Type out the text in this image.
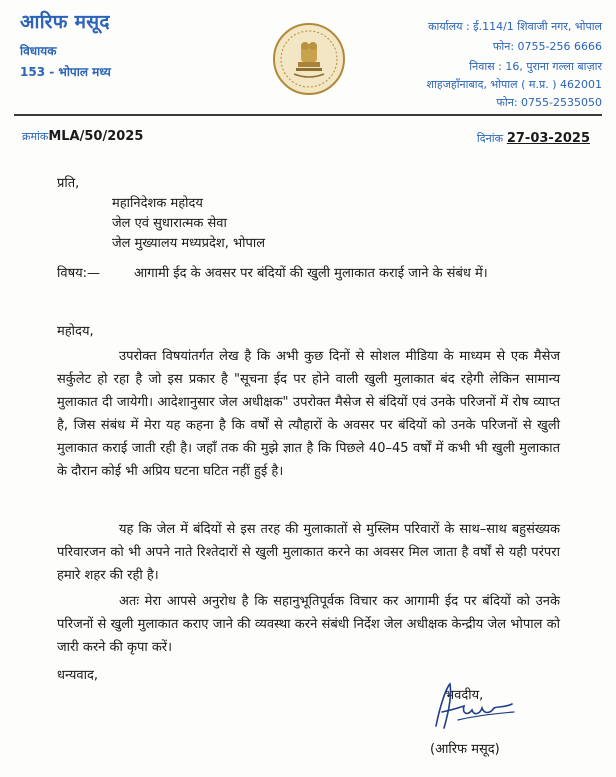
आरिफ मसूद
विधायक
153 - भोपाल मध्य
कार्यालय : ई.114/1 शिवाजी नगर, भोपाल
फोन: 0755-256 6666
निवास : 16, पुराना गल्ला बाज़ार
शाहजहाँनाबाद, भोपाल ( म.प्र. ) 462001
फोन: 0755-2535050
क्रमांकMLA/50/2025	दिनांक 27-03-2025
प्रति,
महानिदेशक महोदय
जेल एवं सुधारात्मक सेवा
जेल मुख्यालय मध्यप्रदेश, भोपाल
विषय:—	आगामी ईद के अवसर पर बंदियों की खुली मुलाकात कराई जाने के संबंध में।
महोदय,
उपरोक्त विषयांतर्गत लेख है कि अभी कुछ दिनों से सोशल मीडिया के माध्यम से एक मैसेज सर्कुलेट हो रहा है जो इस प्रकार है "सूचना ईद पर होने वाली खुली मुलाकात बंद रहेगी लेकिन सामान्य मुलाकात दी जायेगी। आदेशानुसार जेल अधीक्षक" उपरोक्त मैसेज से बंदियों एवं उनके परिजनों में रोष व्याप्त है, जिस संबंध में मेरा यह कहना है कि वर्षों से त्यौहारों के अवसर पर बंदियों को उनके परिजनों से खुली मुलाकात कराई जाती रही है। जहाँ तक की मुझे ज्ञात है कि पिछले 40–45 वर्षों में कभी भी खुली मुलाकात के दौरान कोई भी अप्रिय घटना घटित नहीं हुई है।
यह कि जेल में बंदियों से इस तरह की मुलाकातों से मुस्लिम परिवारों के साथ–साथ बहुसंख्यक परिवारजन को भी अपने नाते रिश्तेदारों से खुली मुलाकात करने का अवसर मिल जाता है वर्षों से यही परंपरा हमारे शहर की रही है।
अतः मेरा आपसे अनुरोध है कि सहानुभूतिपूर्वक विचार कर आगामी ईद पर बंदियों को उनके परिजनों से खुली मुलाकात कराए जाने की व्यवस्था करने संबंधी निर्देश जेल अधीक्षक केन्द्रीय जेल भोपाल को जारी करने की कृपा करें।
धन्यवाद,
भवदीय,
(आरिफ मसूद)
